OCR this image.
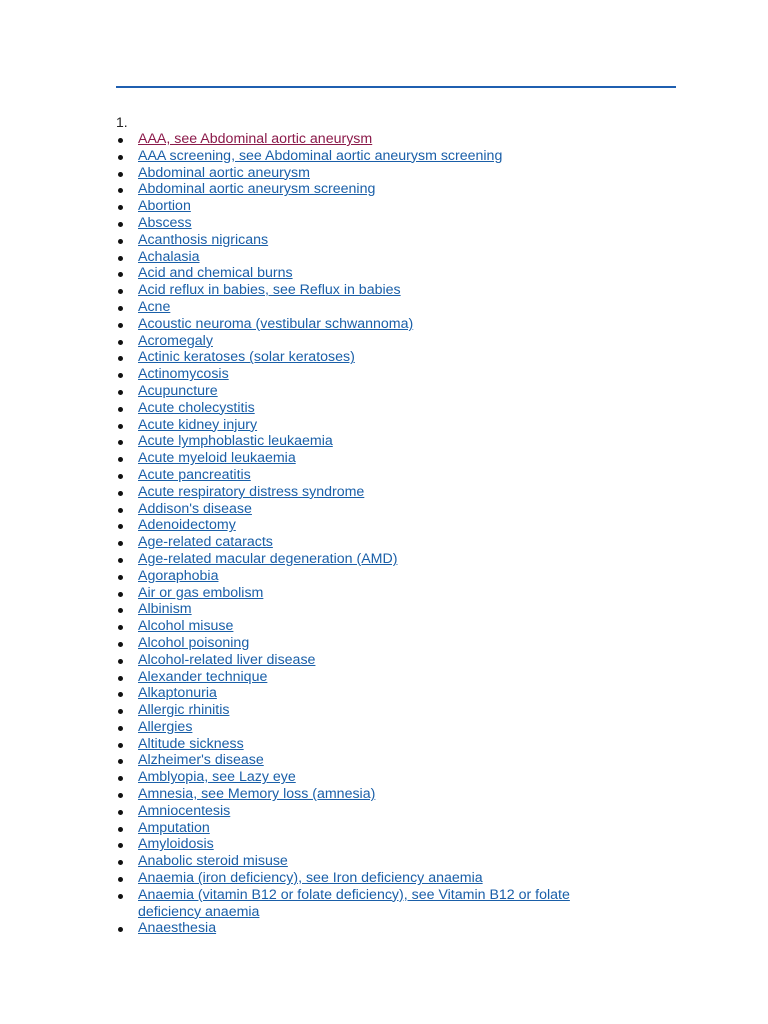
1.
AAA, see Abdominal aortic aneurysm
AAA screening, see Abdominal aortic aneurysm screening
Abdominal aortic aneurysm
Abdominal aortic aneurysm screening
Abortion
Abscess
Acanthosis nigricans
Achalasia
Acid and chemical burns
Acid reflux in babies, see Reflux in babies
Acne
Acoustic neuroma (vestibular schwannoma)
Acromegaly
Actinic keratoses (solar keratoses)
Actinomycosis
Acupuncture
Acute cholecystitis
Acute kidney injury
Acute lymphoblastic leukaemia
Acute myeloid leukaemia
Acute pancreatitis
Acute respiratory distress syndrome
Addison's disease
Adenoidectomy
Age-related cataracts
Age-related macular degeneration (AMD)
Agoraphobia
Air or gas embolism
Albinism
Alcohol misuse
Alcohol poisoning
Alcohol-related liver disease
Alexander technique
Alkaptonuria
Allergic rhinitis
Allergies
Altitude sickness
Alzheimer's disease
Amblyopia, see Lazy eye
Amnesia, see Memory loss (amnesia)
Amniocentesis
Amputation
Amyloidosis
Anabolic steroid misuse
Anaemia (iron deficiency), see Iron deficiency anaemia
Anaemia (vitamin B12 or folate deficiency), see Vitamin B12 or folate deficiency anaemia
Anaesthesia
